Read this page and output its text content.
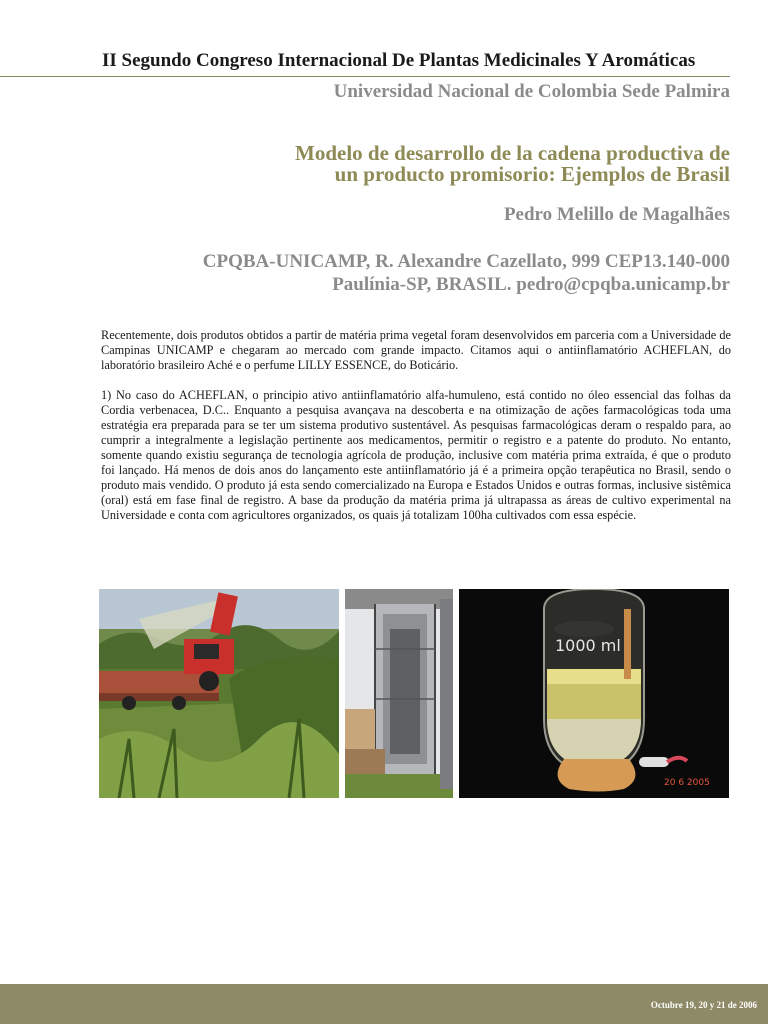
II Segundo Congreso Internacional De Plantas Medicinales Y Aromáticas
Universidad Nacional de Colombia Sede Palmira
Modelo de desarrollo de la cadena productiva de
un producto promisorio: Ejemplos de Brasil
Pedro Melillo de Magalhães
CPQBA-UNICAMP, R. Alexandre Cazellato, 999 CEP13.140-000
Paulínia-SP, BRASIL. pedro@cpqba.unicamp.br

Recentemente, dois produtos obtidos a partir de matéria prima vegetal foram desenvolvidos em parceria com a Universidade de Campinas UNICAMP e chegaram ao mercado com grande impacto. Citamos aqui o antiinflamatório ACHEFLAN, do laboratório brasileiro Aché e o perfume LILLY ESSENCE, do Boticário.

1) No caso do ACHEFLAN, o principio ativo antiinflamatório alfa-humuleno, está contido no óleo essencial das folhas da Cordia verbenacea, D.C.. Enquanto a pesquisa avançava na descoberta e na otimização de ações farmacológicas toda uma estratégia era preparada para se ter um sistema produtivo sustentável. As pesquisas farmacológicas deram o respaldo para, ao cumprir a integralmente a legislação pertinente aos medicamentos, permitir o registro e a patente do produto. No entanto, somente quando existiu segurança de tecnologia agrícola de produção, inclusive com matéria prima extraída, é que o produto foi lançado. Há menos de dois anos do lançamento este antiinflamatório já é a primeira opção terapêutica no Brasil, sendo o produto mais vendido. O produto já esta sendo comercializado na Europa e Estados Unidos e outras formas, inclusive sistêmica (oral) está em fase final de registro. A base da produção da matéria prima já ultrapassa as áreas de cultivo experimental na Universidade e conta com agricultores organizados, os quais já totalizam 100ha cultivados com essa espécie.

1000 ml
20 6 2005
Octubre 19, 20 y 21 de 2006
